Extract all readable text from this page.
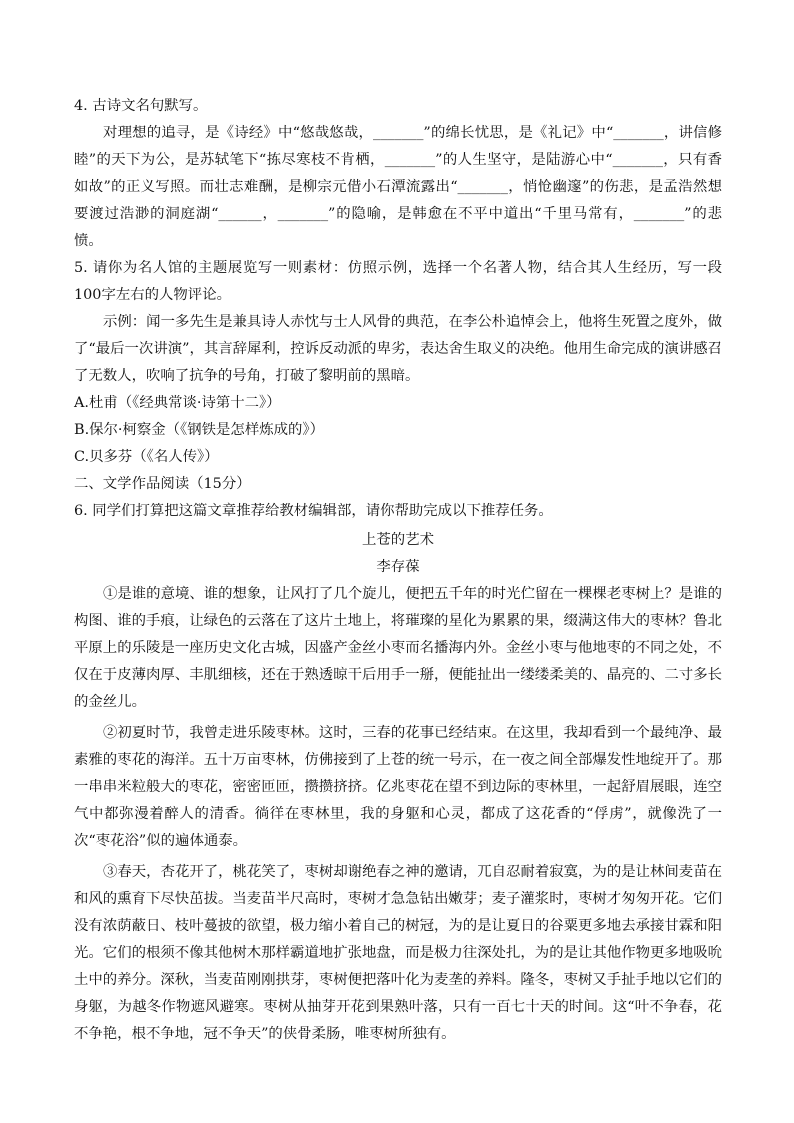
4. 古诗文名句默写。

对理想的追寻，是《诗经》中“悠哉悠哉，_______”的绵长忧思，是《礼记》中“_______，讲信修睦”的天下为公，是苏轼笔下“拣尽寒枝不肯栖，_______”的人生坚守，是陆游心中“_______，只有香如故”的正义写照。而壮志难酬，是柳宗元借小石潭流露出“_______，悄怆幽邃”的伤悲，是孟浩然想要渡过浩渺的洞庭湖“______，_______”的隐喻，是韩愈在不平中道出“千里马常有，_______”的悲愤。

5. 请你为名人馆的主题展览写一则素材：仿照示例，选择一个名著人物，结合其人生经历，写一段100字左右的人物评论。

示例：闻一多先生是兼具诗人赤忱与士人风骨的典范，在李公朴追悼会上，他将生死置之度外，做了“最后一次讲演”，其言辞犀利，控诉反动派的卑劣，表达舍生取义的决绝。他用生命完成的演讲感召了无数人，吹响了抗争的号角，打破了黎明前的黑暗。

A.杜甫（《经典常谈·诗第十二》）

B.保尔·柯察金（《钢铁是怎样炼成的》）

C.贝多芬（《名人传》）

二、文学作品阅读（15分）

6. 同学们打算把这篇文章推荐给教材编辑部，请你帮助完成以下推荐任务。

上苍的艺术

李存葆

①是谁的意境、谁的想象，让风打了几个旋儿，便把五千年的时光伫留在一棵棵老枣树上？是谁的构图、谁的手痕，让绿色的云落在了这片土地上，将璀璨的星化为累累的果，缀满这伟大的枣林？鲁北平原上的乐陵是一座历史文化古城，因盛产金丝小枣而名播海内外。金丝小枣与他地枣的不同之处，不仅在于皮薄肉厚、丰肌细核，还在于熟透晾干后用手一掰，便能扯出一缕缕柔美的、晶亮的、二寸多长的金丝儿。

②初夏时节，我曾走进乐陵枣林。这时，三春的花事已经结束。在这里，我却看到一个最纯净、最素雅的枣花的海洋。五十万亩枣林，仿佛接到了上苍的统一号示，在一夜之间全部爆发性地绽开了。那一串串米粒般大的枣花，密密匝匝，攒攒挤挤。亿兆枣花在望不到边际的枣林里，一起舒眉展眼，连空气中都弥漫着醉人的清香。徜徉在枣林里，我的身躯和心灵，都成了这花香的“俘虏”，就像洗了一次“枣花浴”似的遍体通泰。

③春天，杏花开了，桃花笑了，枣树却谢绝春之神的邀请，兀自忍耐着寂寞，为的是让林间麦苗在和风的熏育下尽快茁拔。当麦苗半尺高时，枣树才急急钻出嫩芽；麦子灌浆时，枣树才匆匆开花。它们没有浓荫蔽日、枝叶蔓披的欲望，极力缩小着自己的树冠，为的是让夏日的谷粟更多地去承接甘霖和阳光。它们的根须不像其他树木那样霸道地扩张地盘，而是极力往深处扎，为的是让其他作物更多地吸吮土中的养分。深秋，当麦苗刚刚拱芽，枣树便把落叶化为麦垄的养料。隆冬，枣树又手扯手地以它们的身躯，为越冬作物遮风避寒。枣树从抽芽开花到果熟叶落，只有一百七十天的时间。这“叶不争春，花不争艳，根不争地，冠不争天”的侠骨柔肠，唯枣树所独有。
